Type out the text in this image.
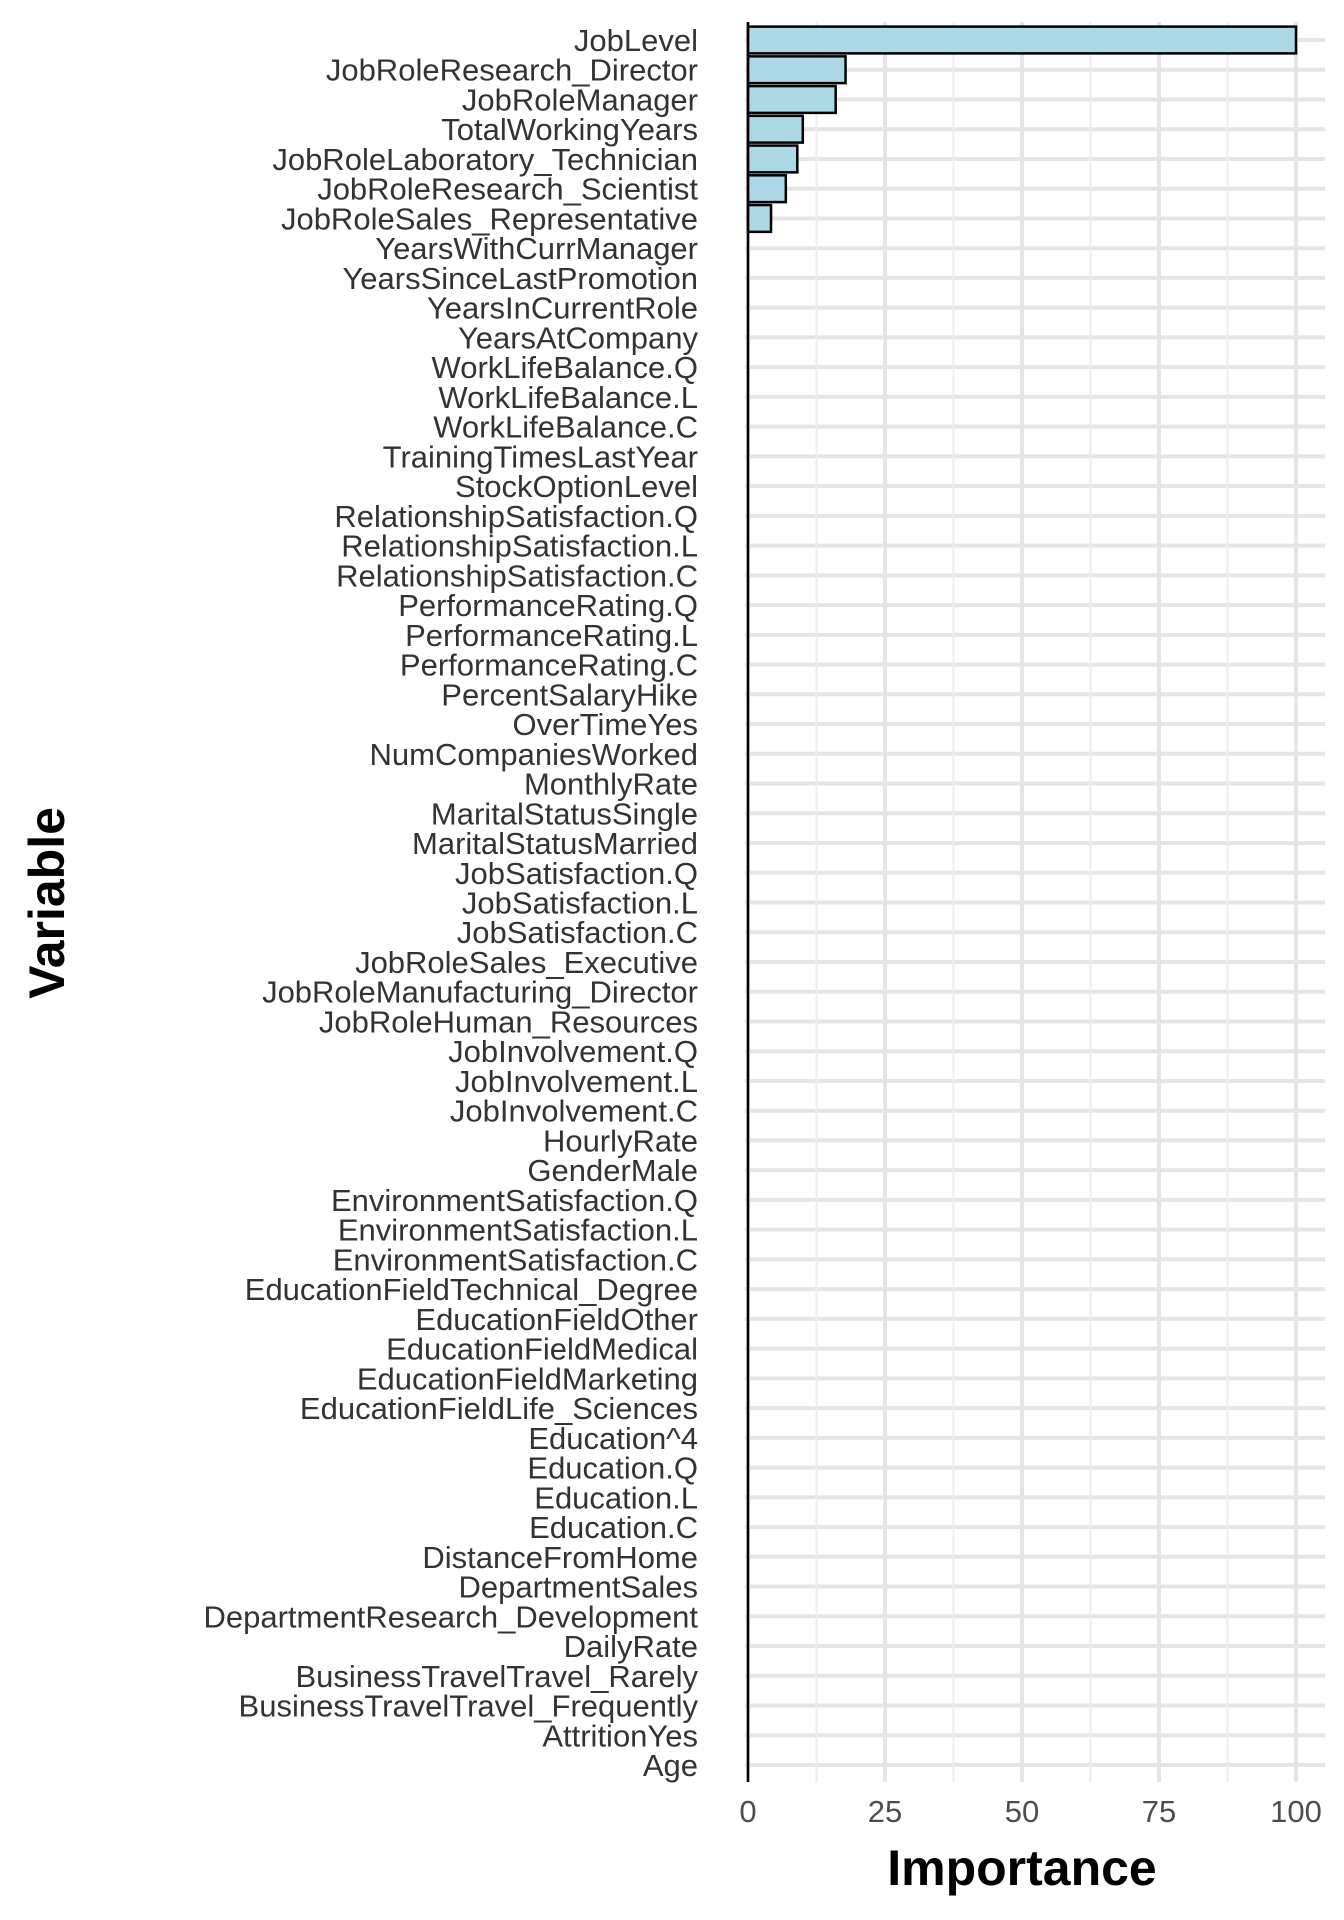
JobLevel
JobRoleResearch_Director
JobRoleManager
TotalWorkingYears
JobRoleLaboratory_Technician
JobRoleResearch_Scientist
JobRoleSales_Representative
YearsWithCurrManager
YearsSinceLastPromotion
YearsInCurrentRole
YearsAtCompany
WorkLifeBalance.Q
WorkLifeBalance.L
WorkLifeBalance.C
TrainingTimesLastYear
StockOptionLevel
RelationshipSatisfaction.Q
RelationshipSatisfaction.L
RelationshipSatisfaction.C
PerformanceRating.Q
PerformanceRating.L
PerformanceRating.C
PercentSalaryHike
OverTimeYes
NumCompaniesWorked
MonthlyRate
MaritalStatusSingle
MaritalStatusMarried
JobSatisfaction.Q
JobSatisfaction.L
JobSatisfaction.C
JobRoleSales_Executive
JobRoleManufacturing_Director
JobRoleHuman_Resources
JobInvolvement.Q
JobInvolvement.L
JobInvolvement.C
HourlyRate
GenderMale
EnvironmentSatisfaction.Q
EnvironmentSatisfaction.L
EnvironmentSatisfaction.C
EducationFieldTechnical_Degree
EducationFieldOther
EducationFieldMedical
EducationFieldMarketing
EducationFieldLife_Sciences
Education^4
Education.Q
Education.L
Education.C
DistanceFromHome
DepartmentSales
DepartmentResearch_Development
DailyRate
BusinessTravelTravel_Rarely
BusinessTravelTravel_Frequently
AttritionYes
Age
0	25	50	75	100
Importance
Variable
